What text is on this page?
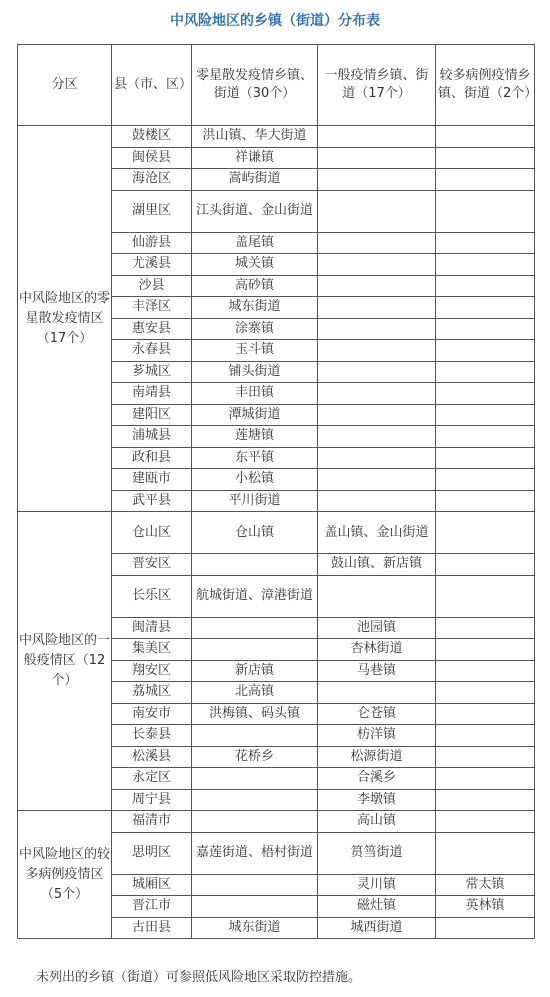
中风险地区的乡镇（街道）分布表
分区	县（市、区）	零星散发疫情乡镇、街道（30个）	一般疫情乡镇、街道（17个）	较多病例疫情乡镇、街道（2个）
中风险地区的零星散发疫情区（17个）	鼓楼区	洪山镇、华大街道		
	闽侯县	祥谦镇		
	海沧区	嵩屿街道		
	湖里区	江头街道、金山街道		
	仙游县	盖尾镇		
	尤溪县	城关镇		
	沙县	高砂镇		
	丰泽区	城东街道		
	惠安县	涂寨镇		
	永春县	玉斗镇		
	芗城区	铺头街道		
	南靖县	丰田镇		
	建阳区	潭城街道		
	浦城县	莲塘镇		
	政和县	东平镇		
	建瓯市	小松镇		
	武平县	平川街道		
中风险地区的一般疫情区（12个）	仓山区	仓山镇	盖山镇、金山街道	
	晋安区		鼓山镇、新店镇	
	长乐区	航城街道、漳港街道		
	闽清县		池园镇	
	集美区		杏林街道	
	翔安区	新店镇	马巷镇	
	荔城区	北高镇		
	南安市	洪梅镇、码头镇	仑苍镇	
	长泰县		枋洋镇	
	松溪县	花桥乡	松源街道	
	永定区		合溪乡	
	周宁县		李墩镇	
中风险地区的较多病例疫情区（5个）	福清市		高山镇	
	思明区	嘉莲街道、梧村街道	筼筜街道	
	城厢区		灵川镇	常太镇
	晋江市		磁灶镇	英林镇
	古田县	城东街道	城西街道	
未列出的乡镇（街道）可参照低风险地区采取防控措施。
